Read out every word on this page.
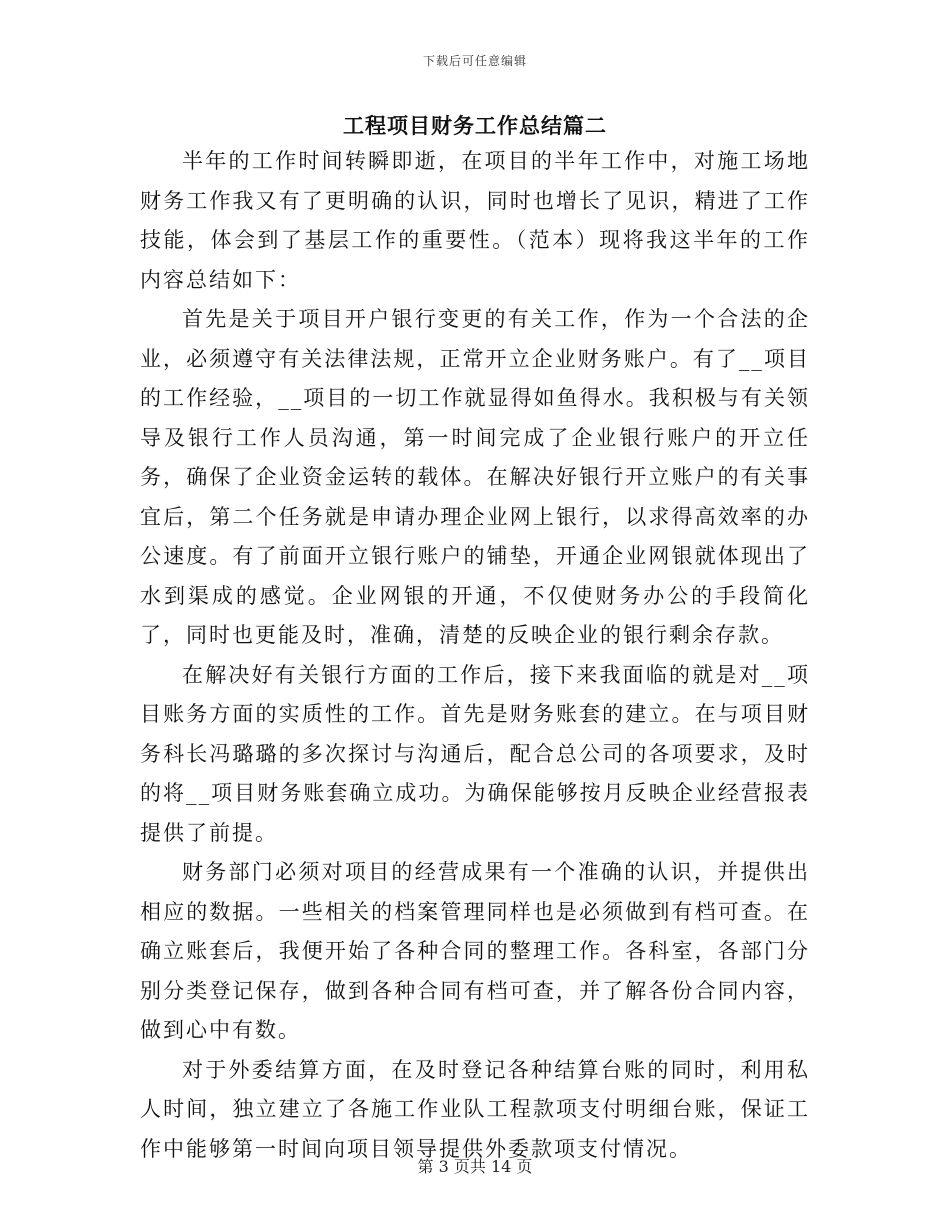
下载后可任意编辑
工程项目财务工作总结篇二

半年的工作时间转瞬即逝，在项目的半年工作中，对施工场地财务工作我又有了更明确的认识，同时也增长了见识，精进了工作技能，体会到了基层工作的重要性。（范本）现将我这半年的工作内容总结如下：

首先是关于项目开户银行变更的有关工作，作为一个合法的企业，必须遵守有关法律法规，正常开立企业财务账户。有了__项目的工作经验，__项目的一切工作就显得如鱼得水。我积极与有关领导及银行工作人员沟通，第一时间完成了企业银行账户的开立任务，确保了企业资金运转的载体。在解决好银行开立账户的有关事宜后，第二个任务就是申请办理企业网上银行，以求得高效率的办公速度。有了前面开立银行账户的铺垫，开通企业网银就体现出了水到渠成的感觉。企业网银的开通，不仅使财务办公的手段简化了，同时也更能及时，准确，清楚的反映企业的银行剩余存款。

在解决好有关银行方面的工作后，接下来我面临的就是对__项目账务方面的实质性的工作。首先是财务账套的建立。在与项目财务科长冯璐璐的多次探讨与沟通后，配合总公司的各项要求，及时的将__项目财务账套确立成功。为确保能够按月反映企业经营报表提供了前提。

财务部门必须对项目的经营成果有一个准确的认识，并提供出相应的数据。一些相关的档案管理同样也是必须做到有档可查。在确立账套后，我便开始了各种合同的整理工作。各科室，各部门分别分类登记保存，做到各种合同有档可查，并了解各份合同内容，做到心中有数。

对于外委结算方面，在及时登记各种结算台账的同时，利用私人时间，独立建立了各施工作业队工程款项支付明细台账，保证工作中能够第一时间向项目领导提供外委款项支付情况。

第 3 页共 14 页
